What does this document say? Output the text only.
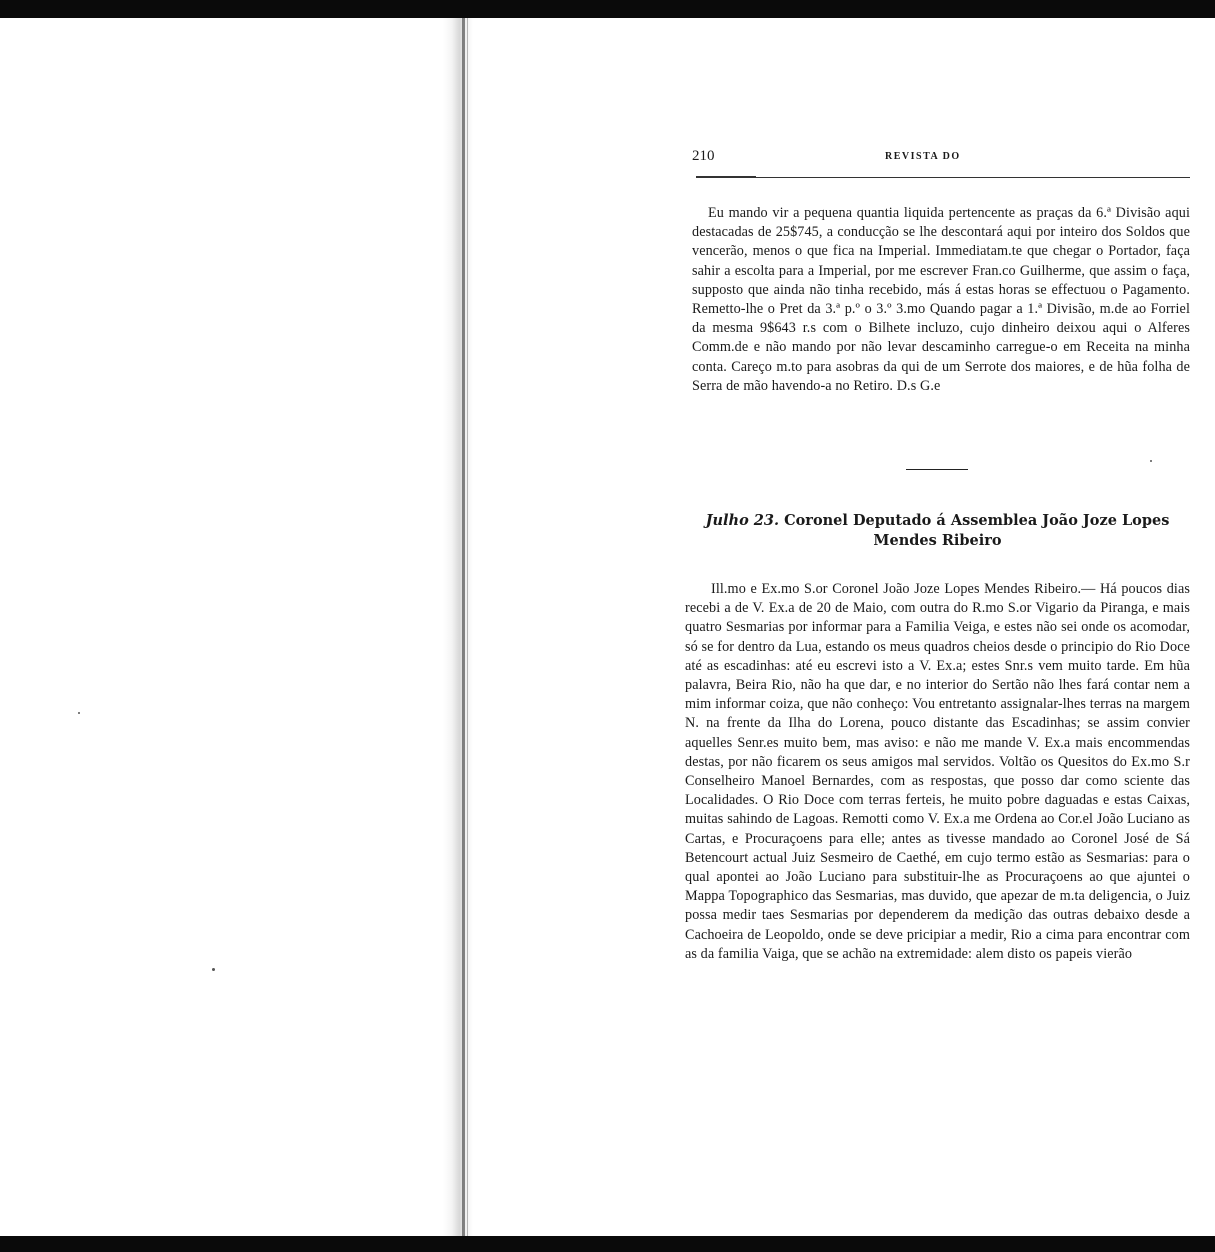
210	REVISTA DO

Eu mando vir a pequena quantia liquida pertencente as praças da 6.ª Divisão aqui destacadas de 25$745, a conducção se lhe descontará aqui por inteiro dos Soldos que vencerão, menos o que fica na Imperial. Immediatam.te que chegar o Portador, faça sahir a escolta para a Imperial, por me escrever Fran.co Guilherme, que assim o faça, supposto que ainda não tinha recebido, más á estas horas se effectuou o Pagamento. Remetto-lhe o Pret da 3.ª p.º o 3.º 3.mo Quando pagar a 1.ª Divisão, m.de ao Forriel da mesma 9$643 r.s com o Bilhete incluzo, cujo dinheiro deixou aqui o Alferes Comm.de e não mando por não levar descaminho carregue-o em Receita na minha conta. Careço m.to para asobras da qui de um Serrote dos maiores, e de hũa folha de Serra de mão havendo-a no Retiro. D.s G.e

Julho 23. Coronel Deputado á Assemblea João Joze Lopes Mendes Ribeiro

Ill.mo e Ex.mo S.or Coronel João Joze Lopes Mendes Ribeiro.— Há poucos dias recebi a de V. Ex.a de 20 de Maio, com outra do R.mo S.or Vigario da Piranga, e mais quatro Sesmarias por informar para a Familia Veiga, e estes não sei onde os acomodar, só se for dentro da Lua, estando os meus quadros cheios desde o principio do Rio Doce até as escadinhas: até eu escrevi isto a V. Ex.a; estes Snr.s vem muito tarde. Em hũa palavra, Beira Rio, não ha que dar, e no interior do Sertão não lhes fará contar nem a mim informar coiza, que não conheço: Vou entretanto assignalar-lhes terras na margem N. na frente da Ilha do Lorena, pouco distante das Escadinhas; se assim convier aquelles Senr.es muito bem, mas aviso: e não me mande V. Ex.a mais encommendas destas, por não ficarem os seus amigos mal servidos. Voltão os Quesitos do Ex.mo S.r Conselheiro Manoel Bernardes, com as respostas, que posso dar como sciente das Localidades. O Rio Doce com terras ferteis, he muito pobre daguadas e estas Caixas, muitas sahindo de Lagoas. Remotti como V. Ex.a me Ordena ao Cor.el João Luciano as Cartas, e Procuraçoens para elle; antes as tivesse mandado ao Coronel José de Sá Betencourt actual Juiz Sesmeiro de Caethé, em cujo termo estão as Sesmarias: para o qual apontei ao João Luciano para substituir-lhe as Procuraçoens ao que ajuntei o Mappa Topographico das Sesmarias, mas duvido, que apezar de m.ta deligencia, o Juiz possa medir taes Sesmarias por dependerem da medição das outras debaixo desde a Cachoeira de Leopoldo, onde se deve pricipiar a medir, Rio a cima para encontrar com as da familia Vaiga, que se achão na extremidade: alem disto os papeis vierão
